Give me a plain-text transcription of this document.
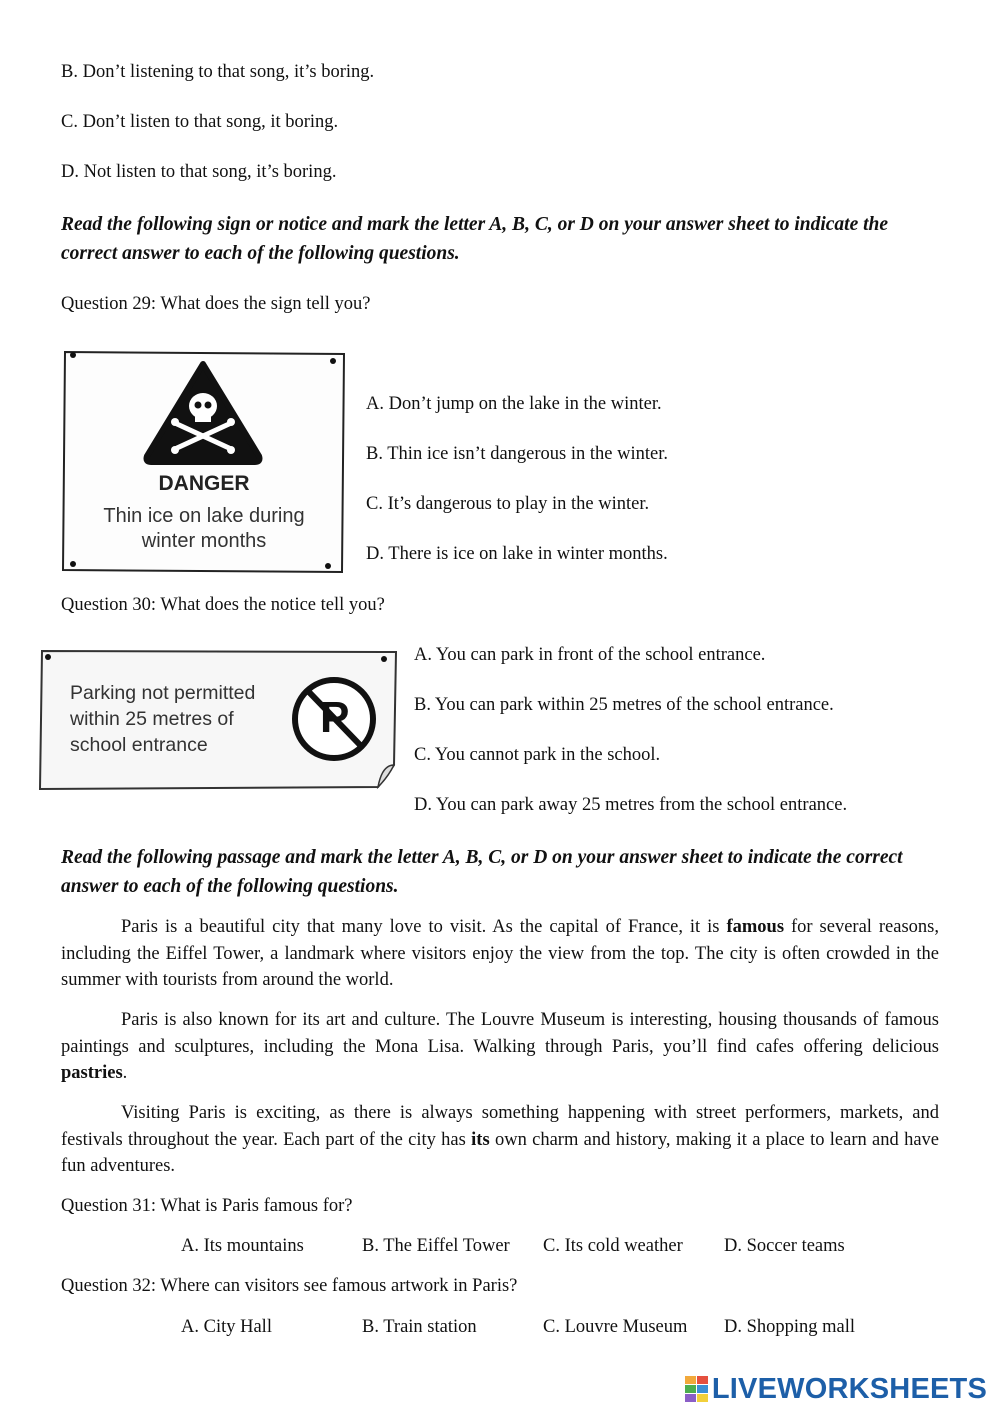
B. Don’t listening to that song, it’s boring.
C. Don’t listen to that song, it boring.
D. Not listen to that song, it’s boring.
Read the following sign or notice and mark the letter A, B, C, or D on your answer sheet to indicate the correct answer to each of the following questions.
Question 29: What does the sign tell you?
DANGER
Thin ice on lake during
winter months
A. Don’t jump on the lake in the winter.
B. Thin ice isn’t dangerous in the winter.
C. It’s dangerous to play in the winter.
D. There is ice on lake in winter months.
Question 30: What does the notice tell you?
P
Parking not permitted
within 25 metres of
school entrance
A. You can park in front of the school entrance.
B. You can park within 25 metres of the school entrance.
C. You cannot park in the school.
D. You can park away 25 metres from the school entrance.
Read the following passage and mark the letter A, B, C, or D on your answer sheet to indicate the correct answer to each of the following questions.
Paris is a beautiful city that many love to visit. As the capital of France, it is famous for several reasons, including the Eiffel Tower, a landmark where visitors enjoy the view from the top. The city is often crowded in the summer with tourists from around the world.
Paris is also known for its art and culture. The Louvre Museum is interesting, housing thousands of famous paintings and sculptures, including the Mona Lisa. Walking through Paris, you’ll find cafes offering delicious pastries.
Visiting Paris is exciting, as there is always something happening with street performers, markets, and festivals throughout the year. Each part of the city has its own charm and history, making it a place to learn and have fun adventures.
Question 31: What is Paris famous for?
A. Its mountains	B. The Eiffel Tower C. Its cold weather D. Soccer teams
Question 32: Where can visitors see famous artwork in Paris?
A. City Hall	B. Train station	C. Louvre Museum D. Shopping mall
LIVEWORKSHEETS
